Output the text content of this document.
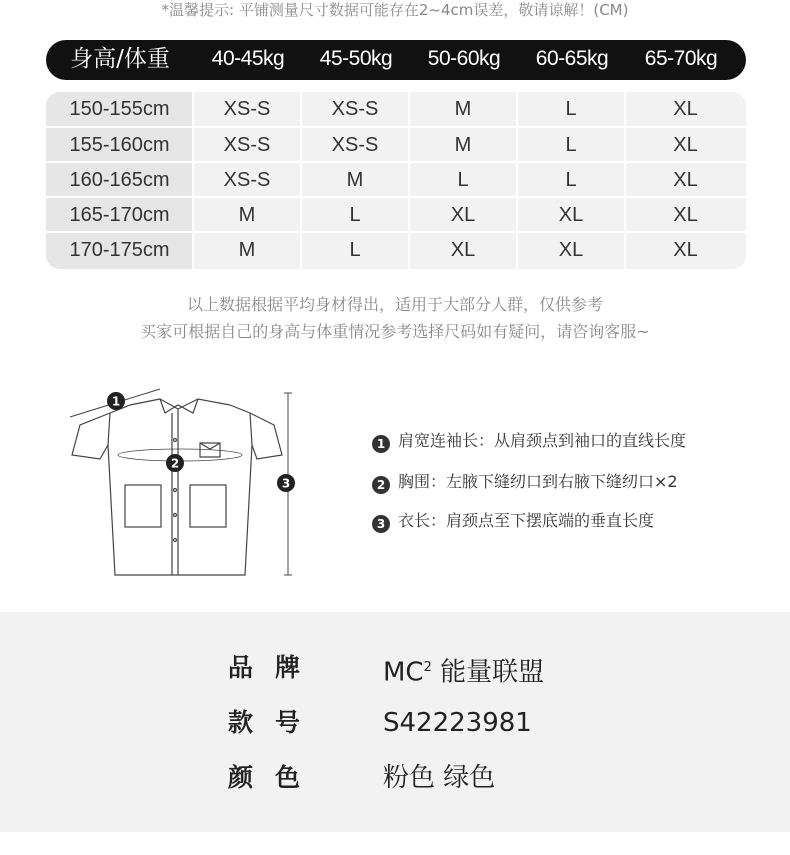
*温馨提示: 平铺测量尺寸数据可能存在2~4cm误差，敬请谅解！(CM)
身高/体重	40-45kg	45-50kg	50-60kg	60-65kg	65-70kg
150-155cm	XS-S	XS-S	M	L	XL
155-160cm	XS-S	XS-S	M	L	XL
160-165cm	XS-S	M	L	L	XL
165-170cm	M	L	XL	XL	XL
170-175cm	M	L	XL	XL	XL
以上数据根据平均身材得出，适用于大部分人群，仅供参考
买家可根据自己的身高与体重情况参考选择尺码如有疑问，请咨询客服~
1
2
3
1 肩宽连袖长：从肩颈点到袖口的直线长度
2 胸围：左腋下缝纫口到右腋下缝纫口×2
3 衣长：肩颈点至下摆底端的垂直长度
品牌 $MC^2$ 能量联盟
款号 S42223981
颜色 粉色 绿色
